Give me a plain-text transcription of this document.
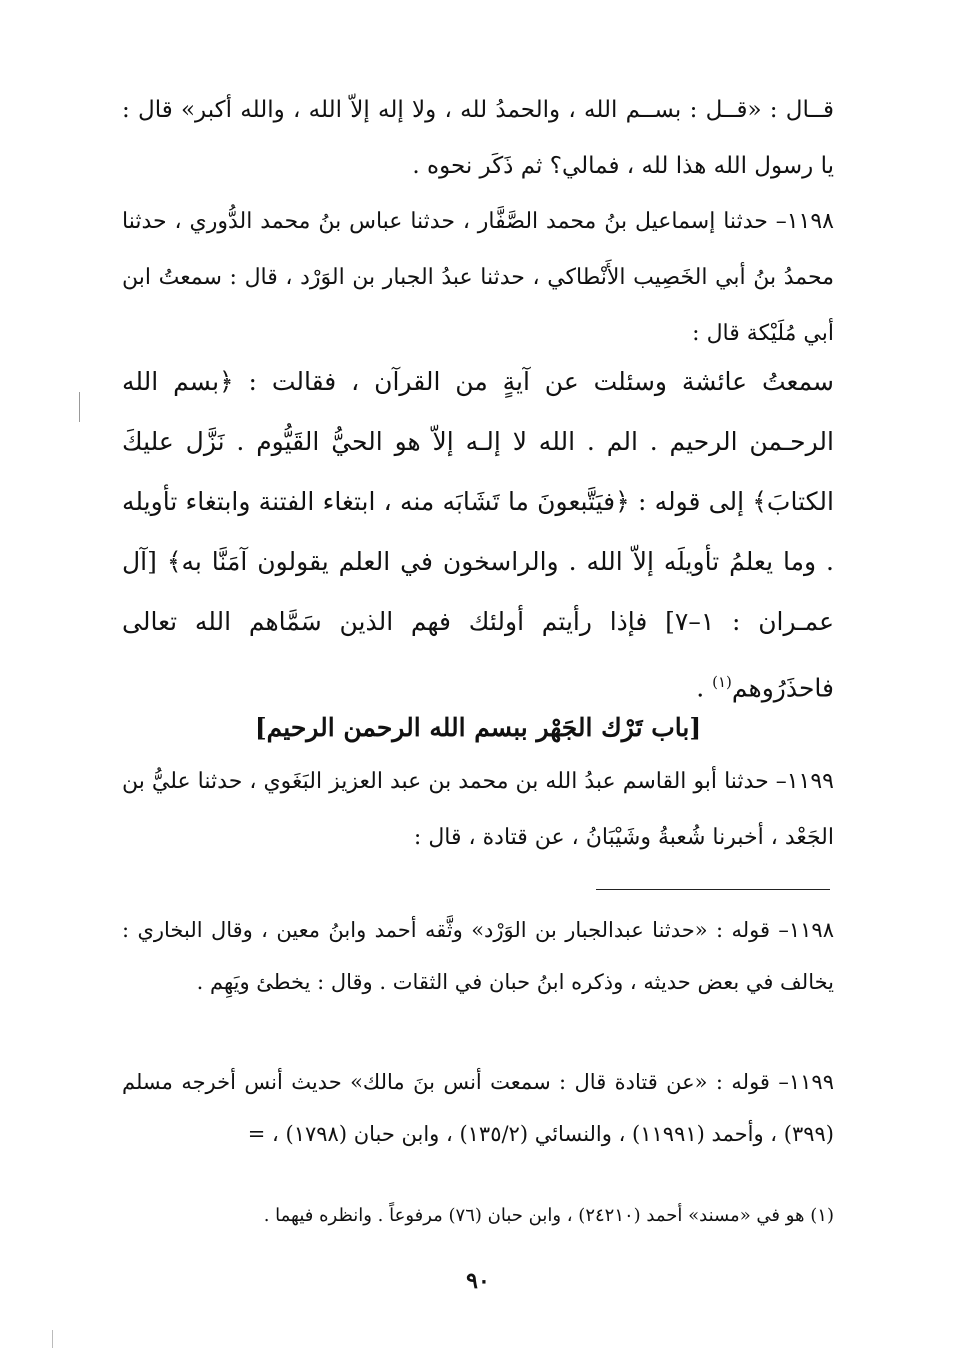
قــال : «قــل : بســم الله ، والحمدُ لله ، ولا إله إلاّ الله ، والله أكبر» قال : يا رسول الله هذا لله ، فمالي؟ ثم ذَكَر نحوه .
١١٩٨– حدثنا إسماعيل بنُ محمد الصَّفَّار ، حدثنا عباس بنُ محمد الدُّوري ، حدثنا محمدُ بنُ أبي الخَصِيب الأَنْطاكي ، حدثنا عبدُ الجبار بن الوَرْد ، قال : سمعتُ ابن أبي مُلَيْكة قال :
سمعتُ عائشة وسئلت عن آيةٍ من القرآن ، فقالت : ﴿بسم الله الرحـمن الرحيم . الم . الله لا إلـه إلاّ هو الحيُّ القَيُّوم . نَزَّل عليكَ الكتابَ﴾ إلى قوله : ﴿فيَتَّبعونَ ما تَشَابَه منه ، ابتغاء الفتنة وابتغاء تأويله . وما يعلمُ تأويلَه إلاّ الله . والراسخون في العلم يقولون آمَنَّا به﴾ [آل عمـران : ١–٧] فإذا رأيتم أولئك فهم الذين سَمَّاهم الله تعالى فاحذَرُوهم$^{(١)}$ .
[باب تَرْك الجَهْر ببسم الله الرحمن الرحيم]
١١٩٩– حدثنا أبو القاسم عبدُ الله بن محمد بن عبد العزيز البَغَوي ، حدثنا عليُّ بن الجَعْد ، أخبرنا شُعبةُ وشَيْبَانُ ، عن قتادة ، قال :
١١٩٨– قوله : «حدثنا عبدالجبار بن الوَرْد» وثَّقه أحمد وابنُ معين ، وقال البخاري : يخالف في بعض حديثه ، وذكره ابنُ حبان في الثقات . وقال : يخطئ ويَهِم .
١١٩٩– قوله : «عن قتادة قال : سمعت أنس بنَ مالك» حديث أنس أخرجه مسلم (٣٩٩) ، وأحمد (١١٩٩١) ، والنسائي (١٣٥/٢) ، وابن حبان (١٧٩٨) ، =
(١) هو في «مسند» أحمد (٢٤٢١٠) ، وابن حبان (٧٦) مرفوعاً . وانظره فيهما .
٩٠
